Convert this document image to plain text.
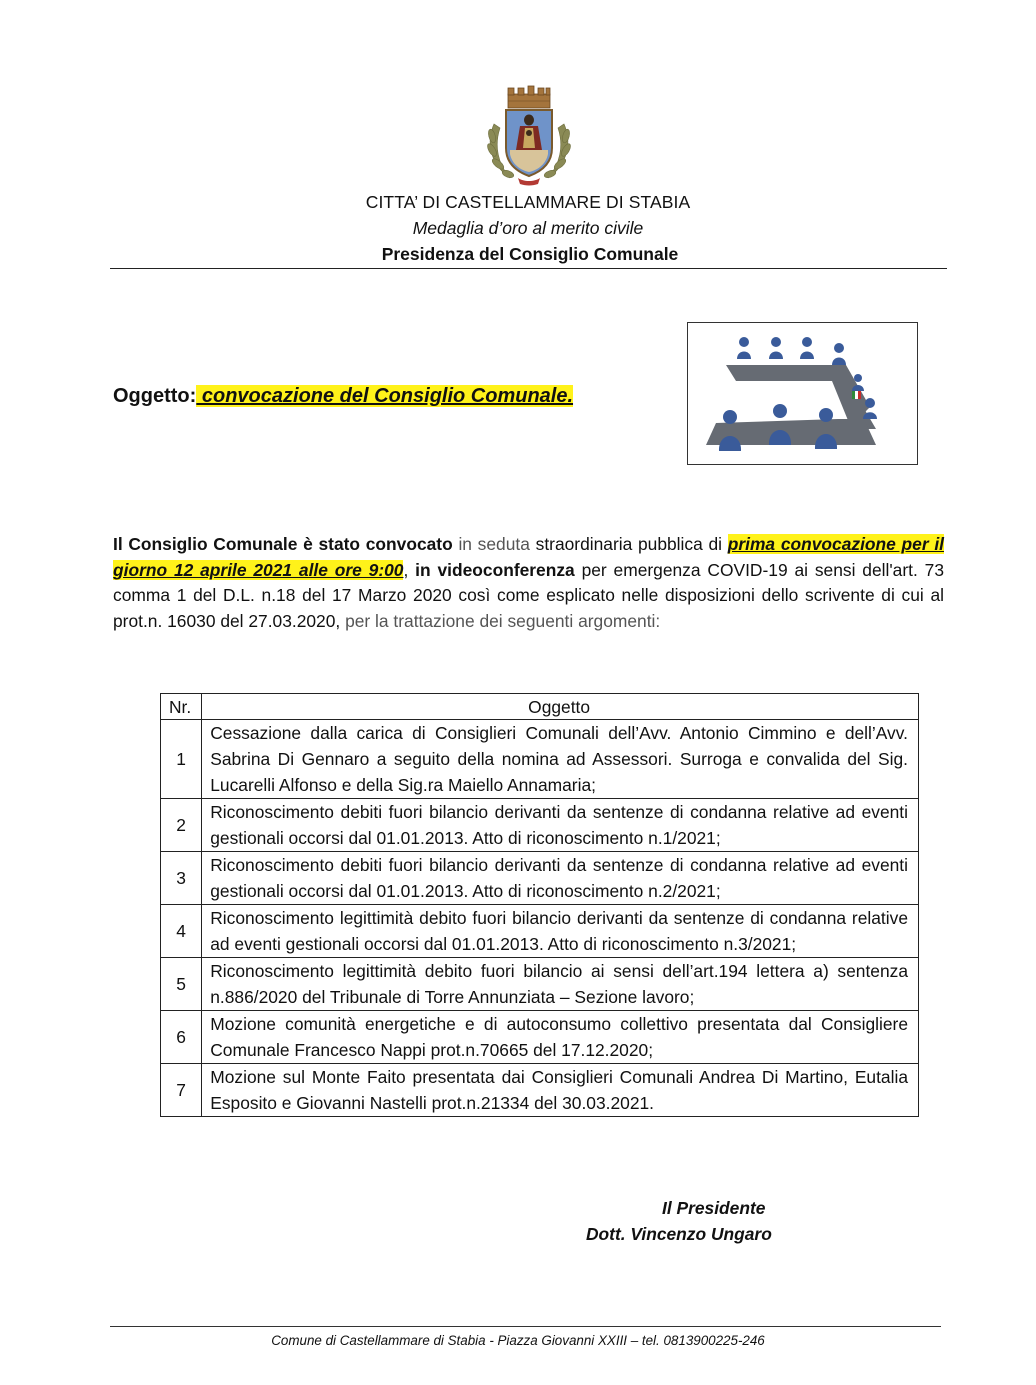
CITTA’ DI CASTELLAMMARE DI STABIA
Medaglia d’oro al merito civile
Presidenza del Consiglio Comunale
Oggetto: convocazione del Consiglio Comunale.
Il Consiglio Comunale è stato convocato in seduta straordinaria pubblica di prima convocazione per il giorno 12 aprile 2021 alle ore 9:00, in videoconferenza per emergenza COVID-19 ai sensi dell'art. 73 comma 1 del D.L. n.18 del 17 Marzo 2020 così come esplicato nelle disposizioni dello scrivente di cui al prot.n. 16030 del 27.03.2020, per la trattazione dei seguenti argomenti:
Nr.	Oggetto
1	Cessazione dalla carica di Consiglieri Comunali dell’Avv. Antonio Cimmino e dell’Avv. Sabrina Di Gennaro a seguito della nomina ad Assessori. Surroga e convalida del Sig. Lucarelli Alfonso e della Sig.ra Maiello Annamaria;
2	Riconoscimento debiti fuori bilancio derivanti da sentenze di condanna relative ad eventi gestionali occorsi dal 01.01.2013. Atto di riconoscimento n.1/2021;
3	Riconoscimento debiti fuori bilancio derivanti da sentenze di condanna relative ad eventi gestionali occorsi dal 01.01.2013. Atto di riconoscimento n.2/2021;
4	Riconoscimento legittimità debito fuori bilancio derivanti da sentenze di condanna relative ad eventi gestionali occorsi dal 01.01.2013. Atto di riconoscimento n.3/2021;
5	Riconoscimento legittimità debito fuori bilancio ai sensi dell’art.194 lettera a) sentenza n.886/2020 del Tribunale di Torre Annunziata – Sezione lavoro;
6	Mozione comunità energetiche e di autoconsumo collettivo presentata dal Consigliere Comunale Francesco Nappi prot.n.70665 del 17.12.2020;
7	Mozione sul Monte Faito presentata dai Consiglieri Comunali Andrea Di Martino, Eutalia Esposito e Giovanni Nastelli prot.n.21334 del 30.03.2021.
Il Presidente
Dott. Vincenzo Ungaro
Comune di Castellammare di Stabia - Piazza Giovanni XXIII – tel. 0813900225-246
